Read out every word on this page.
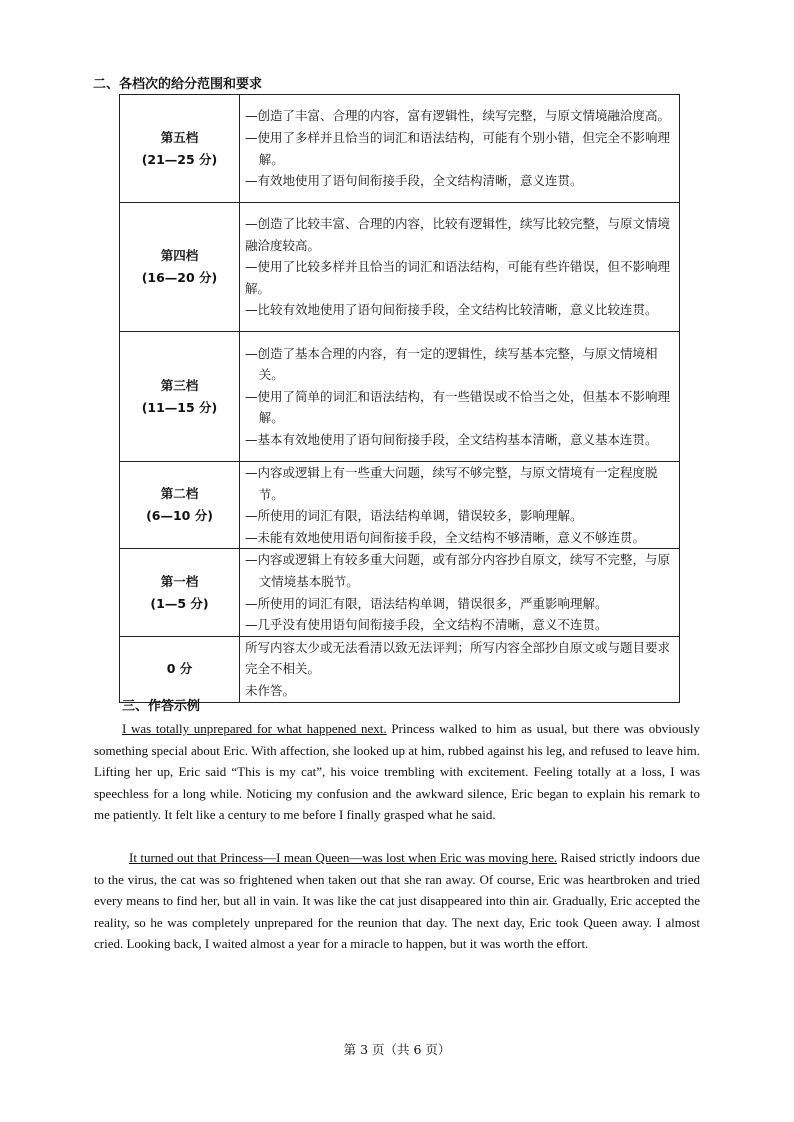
二、各档次的给分范围和要求
第五档
(21—25 分)	—创造了丰富、合理的内容，富有逻辑性，续写完整，与原文情境融洽度高。
—使用了多样并且恰当的词汇和语法结构，可能有个别小错，但完全不影响理解。
—有效地使用了语句间衔接手段，全文结构清晰，意义连贯。

第四档
(16—20 分)	—创造了比较丰富、合理的内容，比较有逻辑性，续写比较完整，与原文情境融洽度较高。
—使用了比较多样并且恰当的词汇和语法结构，可能有些许错误，但不影响理解。
—比较有效地使用了语句间衔接手段，全文结构比较清晰，意义比较连贯。

第三档
(11—15 分)	—创造了基本合理的内容，有一定的逻辑性，续写基本完整，与原文情境相关。
—使用了简单的词汇和语法结构，有一些错误或不恰当之处，但基本不影响理解。
—基本有效地使用了语句间衔接手段，全文结构基本清晰，意义基本连贯。

第二档
(6—10 分)	—内容或逻辑上有一些重大问题，续写不够完整，与原文情境有一定程度脱节。
—所使用的词汇有限，语法结构单调，错误较多，影响理解。
—未能有效地使用语句间衔接手段，全文结构不够清晰，意义不够连贯。

第一档
(1—5 分)	—内容或逻辑上有较多重大问题，或有部分内容抄自原文，续写不完整，与原文情境基本脱节。
—所使用的词汇有限，语法结构单调，错误很多，严重影响理解。
—几乎没有使用语句间衔接手段，全文结构不清晰，意义不连贯。

0 分	所写内容太少或无法看清以致无法评判；所写内容全部抄自原文或与题目要求完全不相关。
未作答。
三、作答示例

I was totally unprepared for what happened next. Princess walked to him as usual, but there was obviously something special about Eric. With affection, she looked up at him, rubbed against his leg, and refused to leave him. Lifting her up, Eric said “This is my cat”, his voice trembling with excitement. Feeling totally at a loss, I was speechless for a long while. Noticing my confusion and the awkward silence, Eric began to explain his remark to me patiently. It felt like a century to me before I finally grasped what he said.

It turned out that Princess—I mean Queen—was lost when Eric was moving here. Raised strictly indoors due to the virus, the cat was so frightened when taken out that she ran away. Of course, Eric was heartbroken and tried every means to find her, but all in vain. It was like the cat just disappeared into thin air. Gradually, Eric accepted the reality, so he was completely unprepared for the reunion that day. The next day, Eric took Queen away. I almost cried. Looking back, I waited almost a year for a miracle to happen, but it was worth the effort.

第 3 页（共 6 页）
